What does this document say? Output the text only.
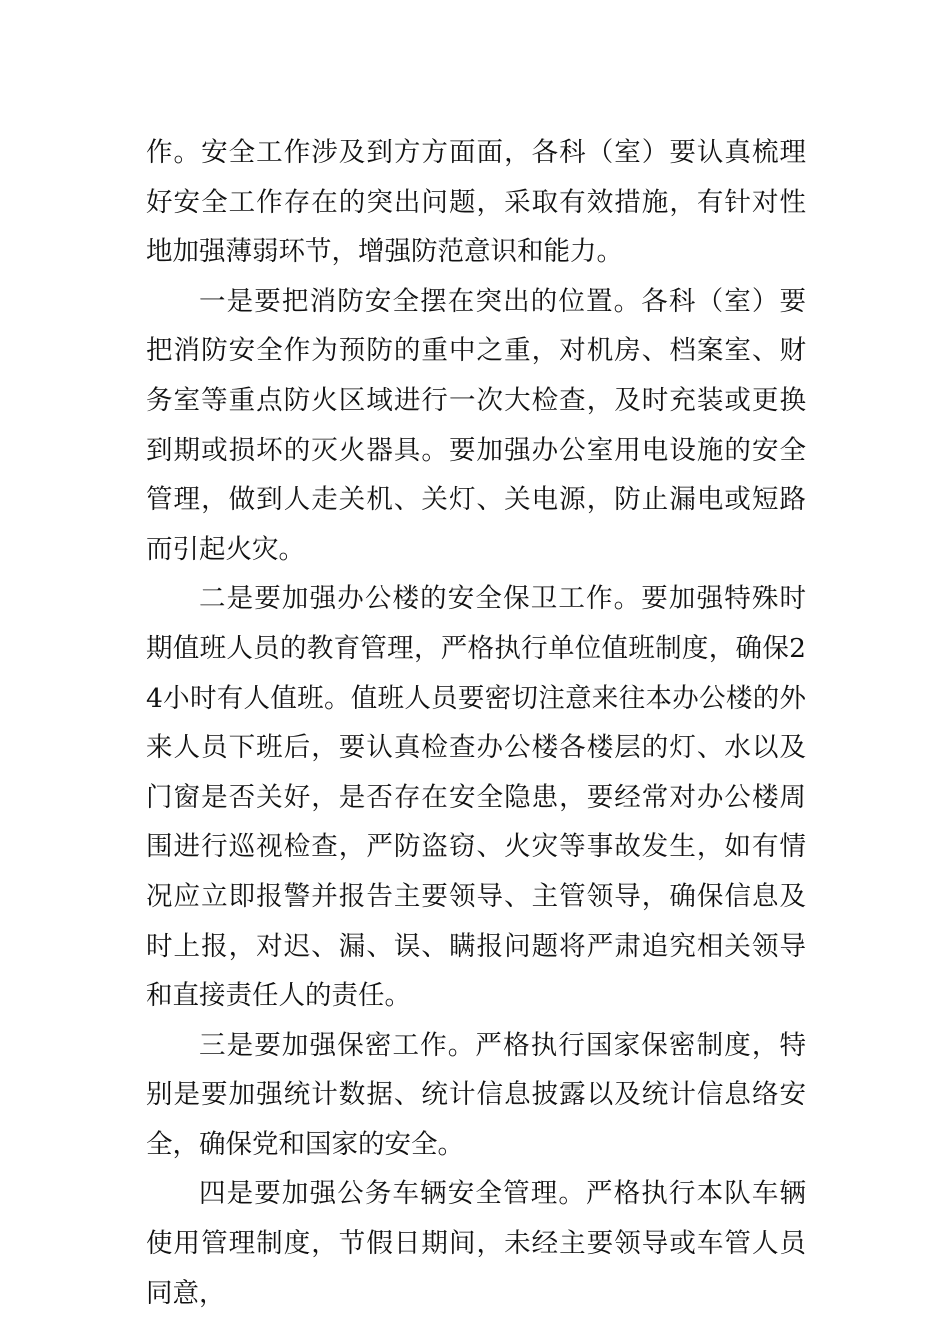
作。安全工作涉及到方方面面，各科（室）要认真梳理好安全工作存在的突出问题，采取有效措施，有针对性地加强薄弱环节，增强防范意识和能力。

一是要把消防安全摆在突出的位置。各科（室）要把消防安全作为预防的重中之重，对机房、档案室、财务室等重点防火区域进行一次大检查，及时充装或更换到期或损坏的灭火器具。要加强办公室用电设施的安全管理，做到人走关机、关灯、关电源，防止漏电或短路而引起火灾。

二是要加强办公楼的安全保卫工作。要加强特殊时期值班人员的教育管理，严格执行单位值班制度，确保24小时有人值班。值班人员要密切注意来往本办公楼的外来人员下班后，要认真检查办公楼各楼层的灯、水以及门窗是否关好，是否存在安全隐患，要经常对办公楼周围进行巡视检查，严防盗窃、火灾等事故发生，如有情况应立即报警并报告主要领导、主管领导，确保信息及时上报，对迟、漏、误、瞒报问题将严肃追究相关领导和直接责任人的责任。

三是要加强保密工作。严格执行国家保密制度，特别是要加强统计数据、统计信息披露以及统计信息络安全，确保党和国家的安全。

四是要加强公务车辆安全管理。严格执行本队车辆使用管理制度，节假日期间，未经主要领导或车管人员同意，
